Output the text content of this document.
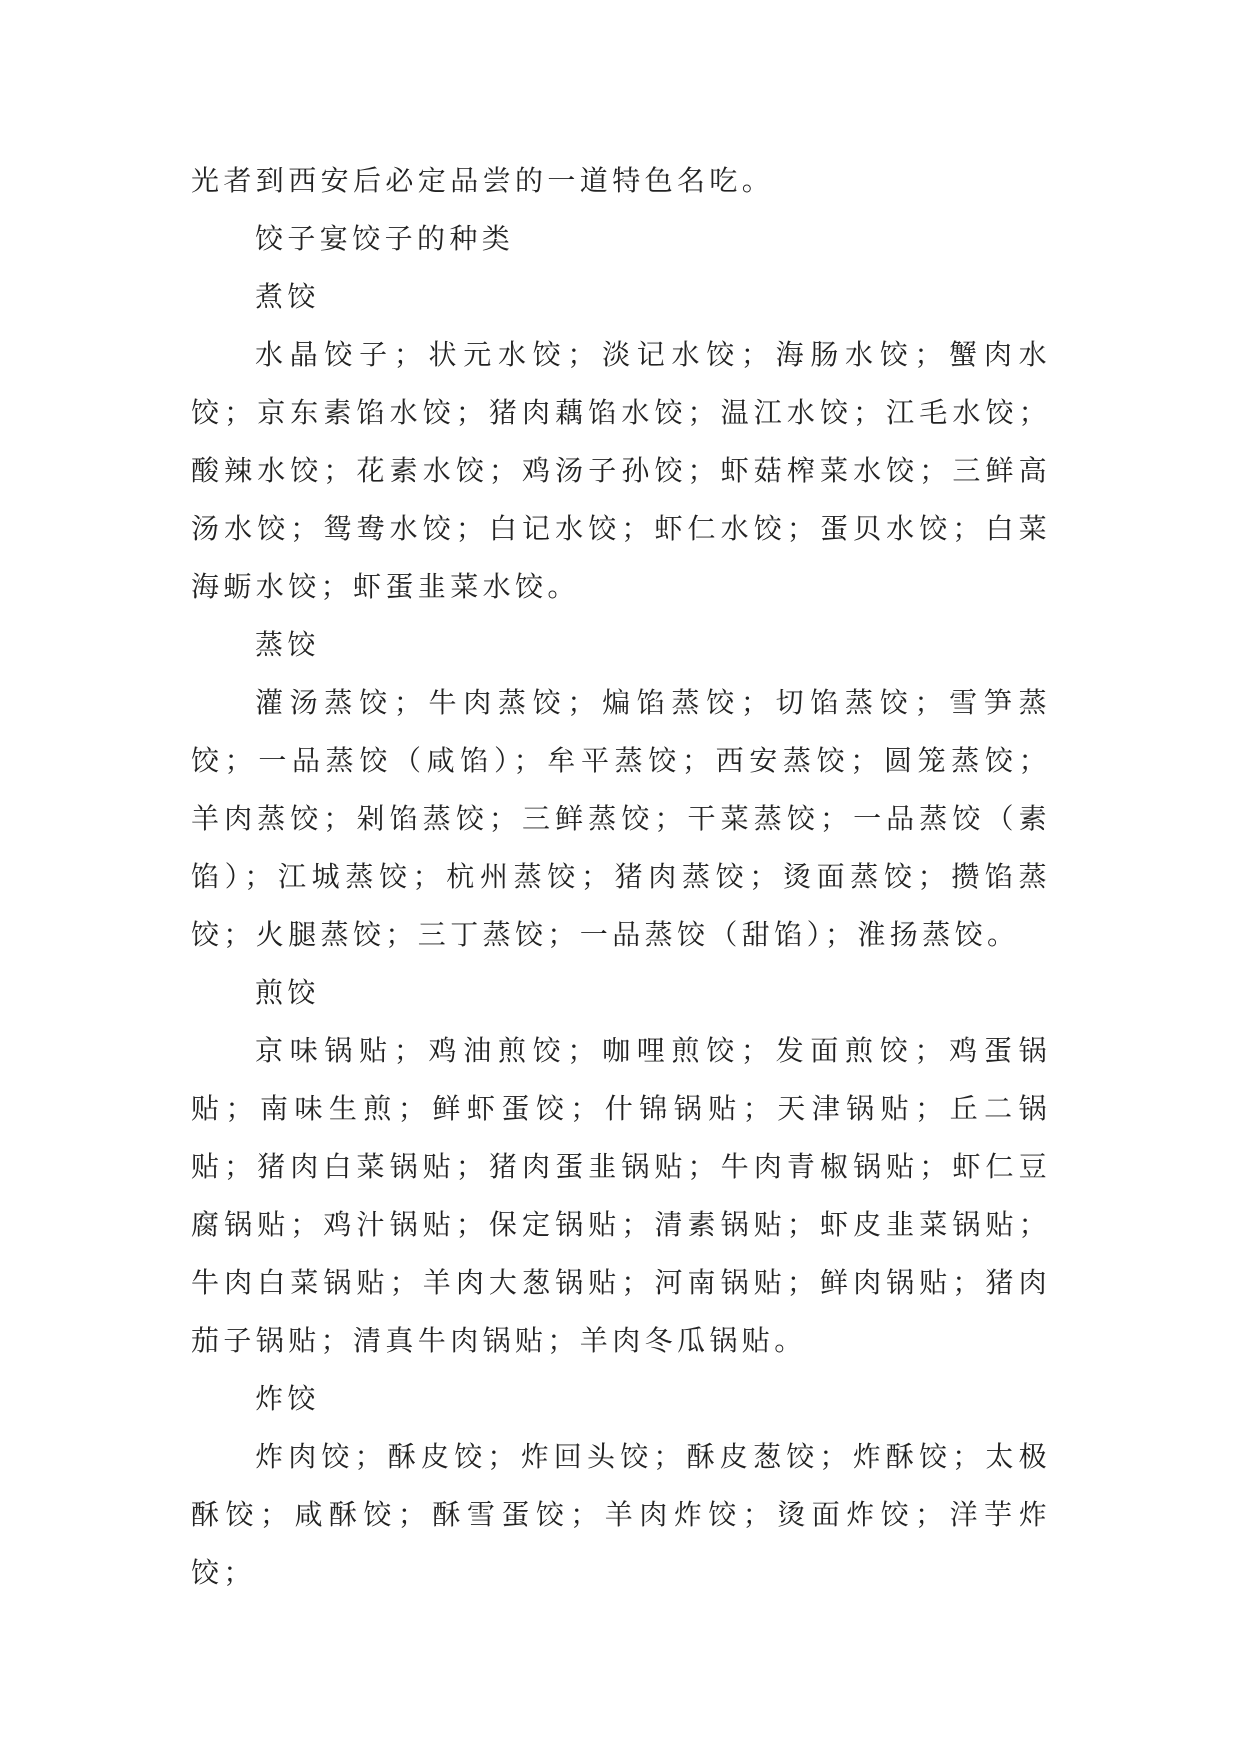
光者到西安后必定品尝的一道特色名吃。

饺子宴饺子的种类

煮饺

水晶饺子；状元水饺；淡记水饺；海肠水饺；蟹肉水饺；京东素馅水饺；猪肉藕馅水饺；温江水饺；江毛水饺；酸辣水饺；花素水饺；鸡汤子孙饺；虾菇榨菜水饺；三鲜高汤水饺；鸳鸯水饺；白记水饺；虾仁水饺；蛋贝水饺；白菜海蛎水饺；虾蛋韭菜水饺。

蒸饺

灌汤蒸饺；牛肉蒸饺；煸馅蒸饺；切馅蒸饺；雪笋蒸饺；一品蒸饺（咸馅）；牟平蒸饺；西安蒸饺；圆笼蒸饺；羊肉蒸饺；剁馅蒸饺；三鲜蒸饺；干菜蒸饺；一品蒸饺（素馅）；江城蒸饺；杭州蒸饺；猪肉蒸饺；烫面蒸饺；攒馅蒸饺；火腿蒸饺；三丁蒸饺；一品蒸饺（甜馅）；淮扬蒸饺。

煎饺

京味锅贴；鸡油煎饺；咖哩煎饺；发面煎饺；鸡蛋锅贴；南味生煎；鲜虾蛋饺；什锦锅贴；天津锅贴；丘二锅贴；猪肉白菜锅贴；猪肉蛋韭锅贴；牛肉青椒锅贴；虾仁豆腐锅贴；鸡汁锅贴；保定锅贴；清素锅贴；虾皮韭菜锅贴；牛肉白菜锅贴；羊肉大葱锅贴；河南锅贴；鲜肉锅贴；猪肉茄子锅贴；清真牛肉锅贴；羊肉冬瓜锅贴。

炸饺

炸肉饺；酥皮饺；炸回头饺；酥皮葱饺；炸酥饺；太极酥饺；咸酥饺；酥雪蛋饺；羊肉炸饺；烫面炸饺；洋芋炸饺；
